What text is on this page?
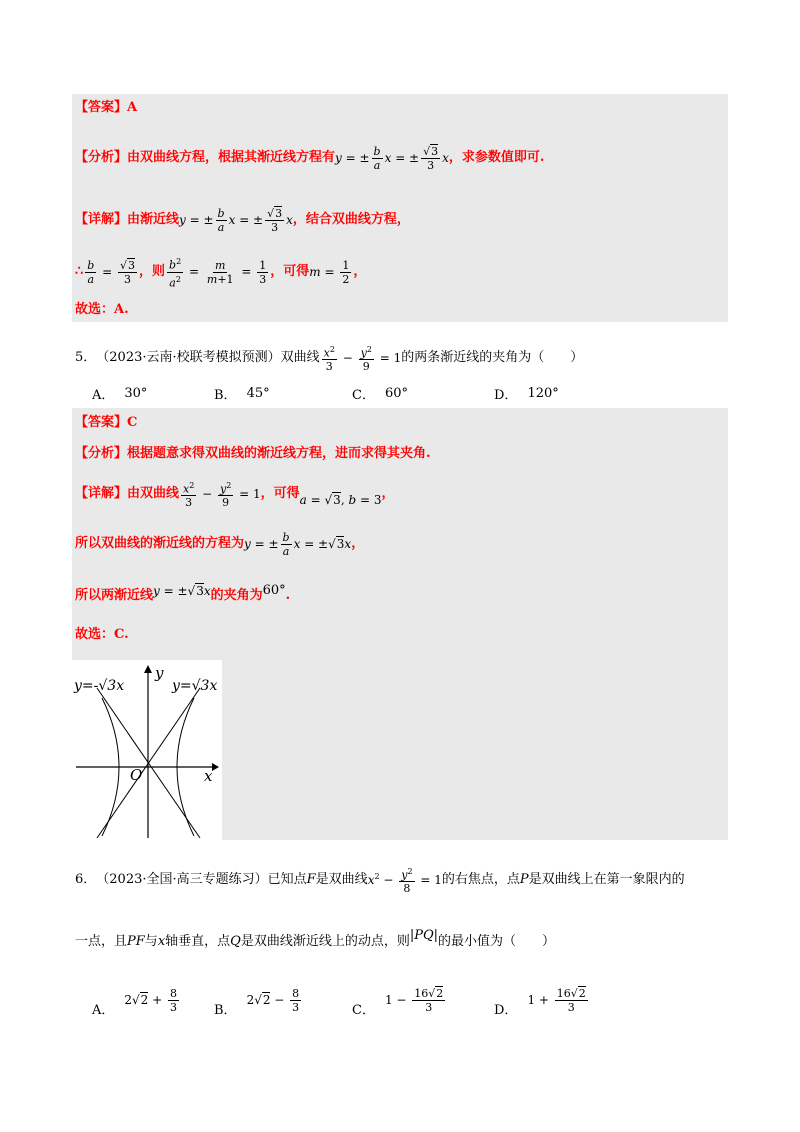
【答案】A
【分析】由双曲线方程，根据其渐近线方程有 y = ± $\frac{b}{a}$ x = ± $\frac{√3}{3}$ x ，求参数值即可.
【详解】由渐近线 y = ± $\frac{b}{a}$ x = ± $\frac{√3}{3}$ x ，结合双曲线方程，
∴ $\frac{b}{a} = \frac{√3}{3}$ ，则 $\frac{b^2}{a^2} = \frac{m}{m+1} = \frac{1}{3}$ ，可得 $m = \frac{1}{2}$ ，
故选：A.
5． （2023·云南·校联考模拟预测）双曲线 $\frac{x^2}{3} - \frac{y^2}{9} = 1$ 的两条渐近线的夹角为（　　）
A． 30°	B． 45°	C． 60°	D． 120°
【答案】C
【分析】根据题意求得双曲线的渐近线方程，进而求得其夹角.
【详解】由双曲线 $\frac{x^2}{3} - \frac{y^2}{9} = 1$ ，可得 a = √3, b = 3 ，
所以双曲线的渐近线的方程为 y = ± $\frac{b}{a}$ x = ±√3x ，
所以两渐近线 y = ±√3x 的夹角为 60° .
故选：C.
y=-√3x	y=√3x
y
x
O
6． （2023·全国·高三专题练习）已知点 F 是双曲线 $x^2 - \frac{y^2}{8} = 1$ 的右焦点，点 P 是双曲线上在第一象限内的
一点，且 PF 与 x 轴垂直，点 Q 是双曲线渐近线上的动点，则 |PQ| 的最小值为（　　）
A．
$2√2 + \frac{8}{3}$	B．
$2√2 - \frac{8}{3}$	C．
$1 - \frac{16√2}{3}$	D．
$1 + \frac{16√2}{3}$
